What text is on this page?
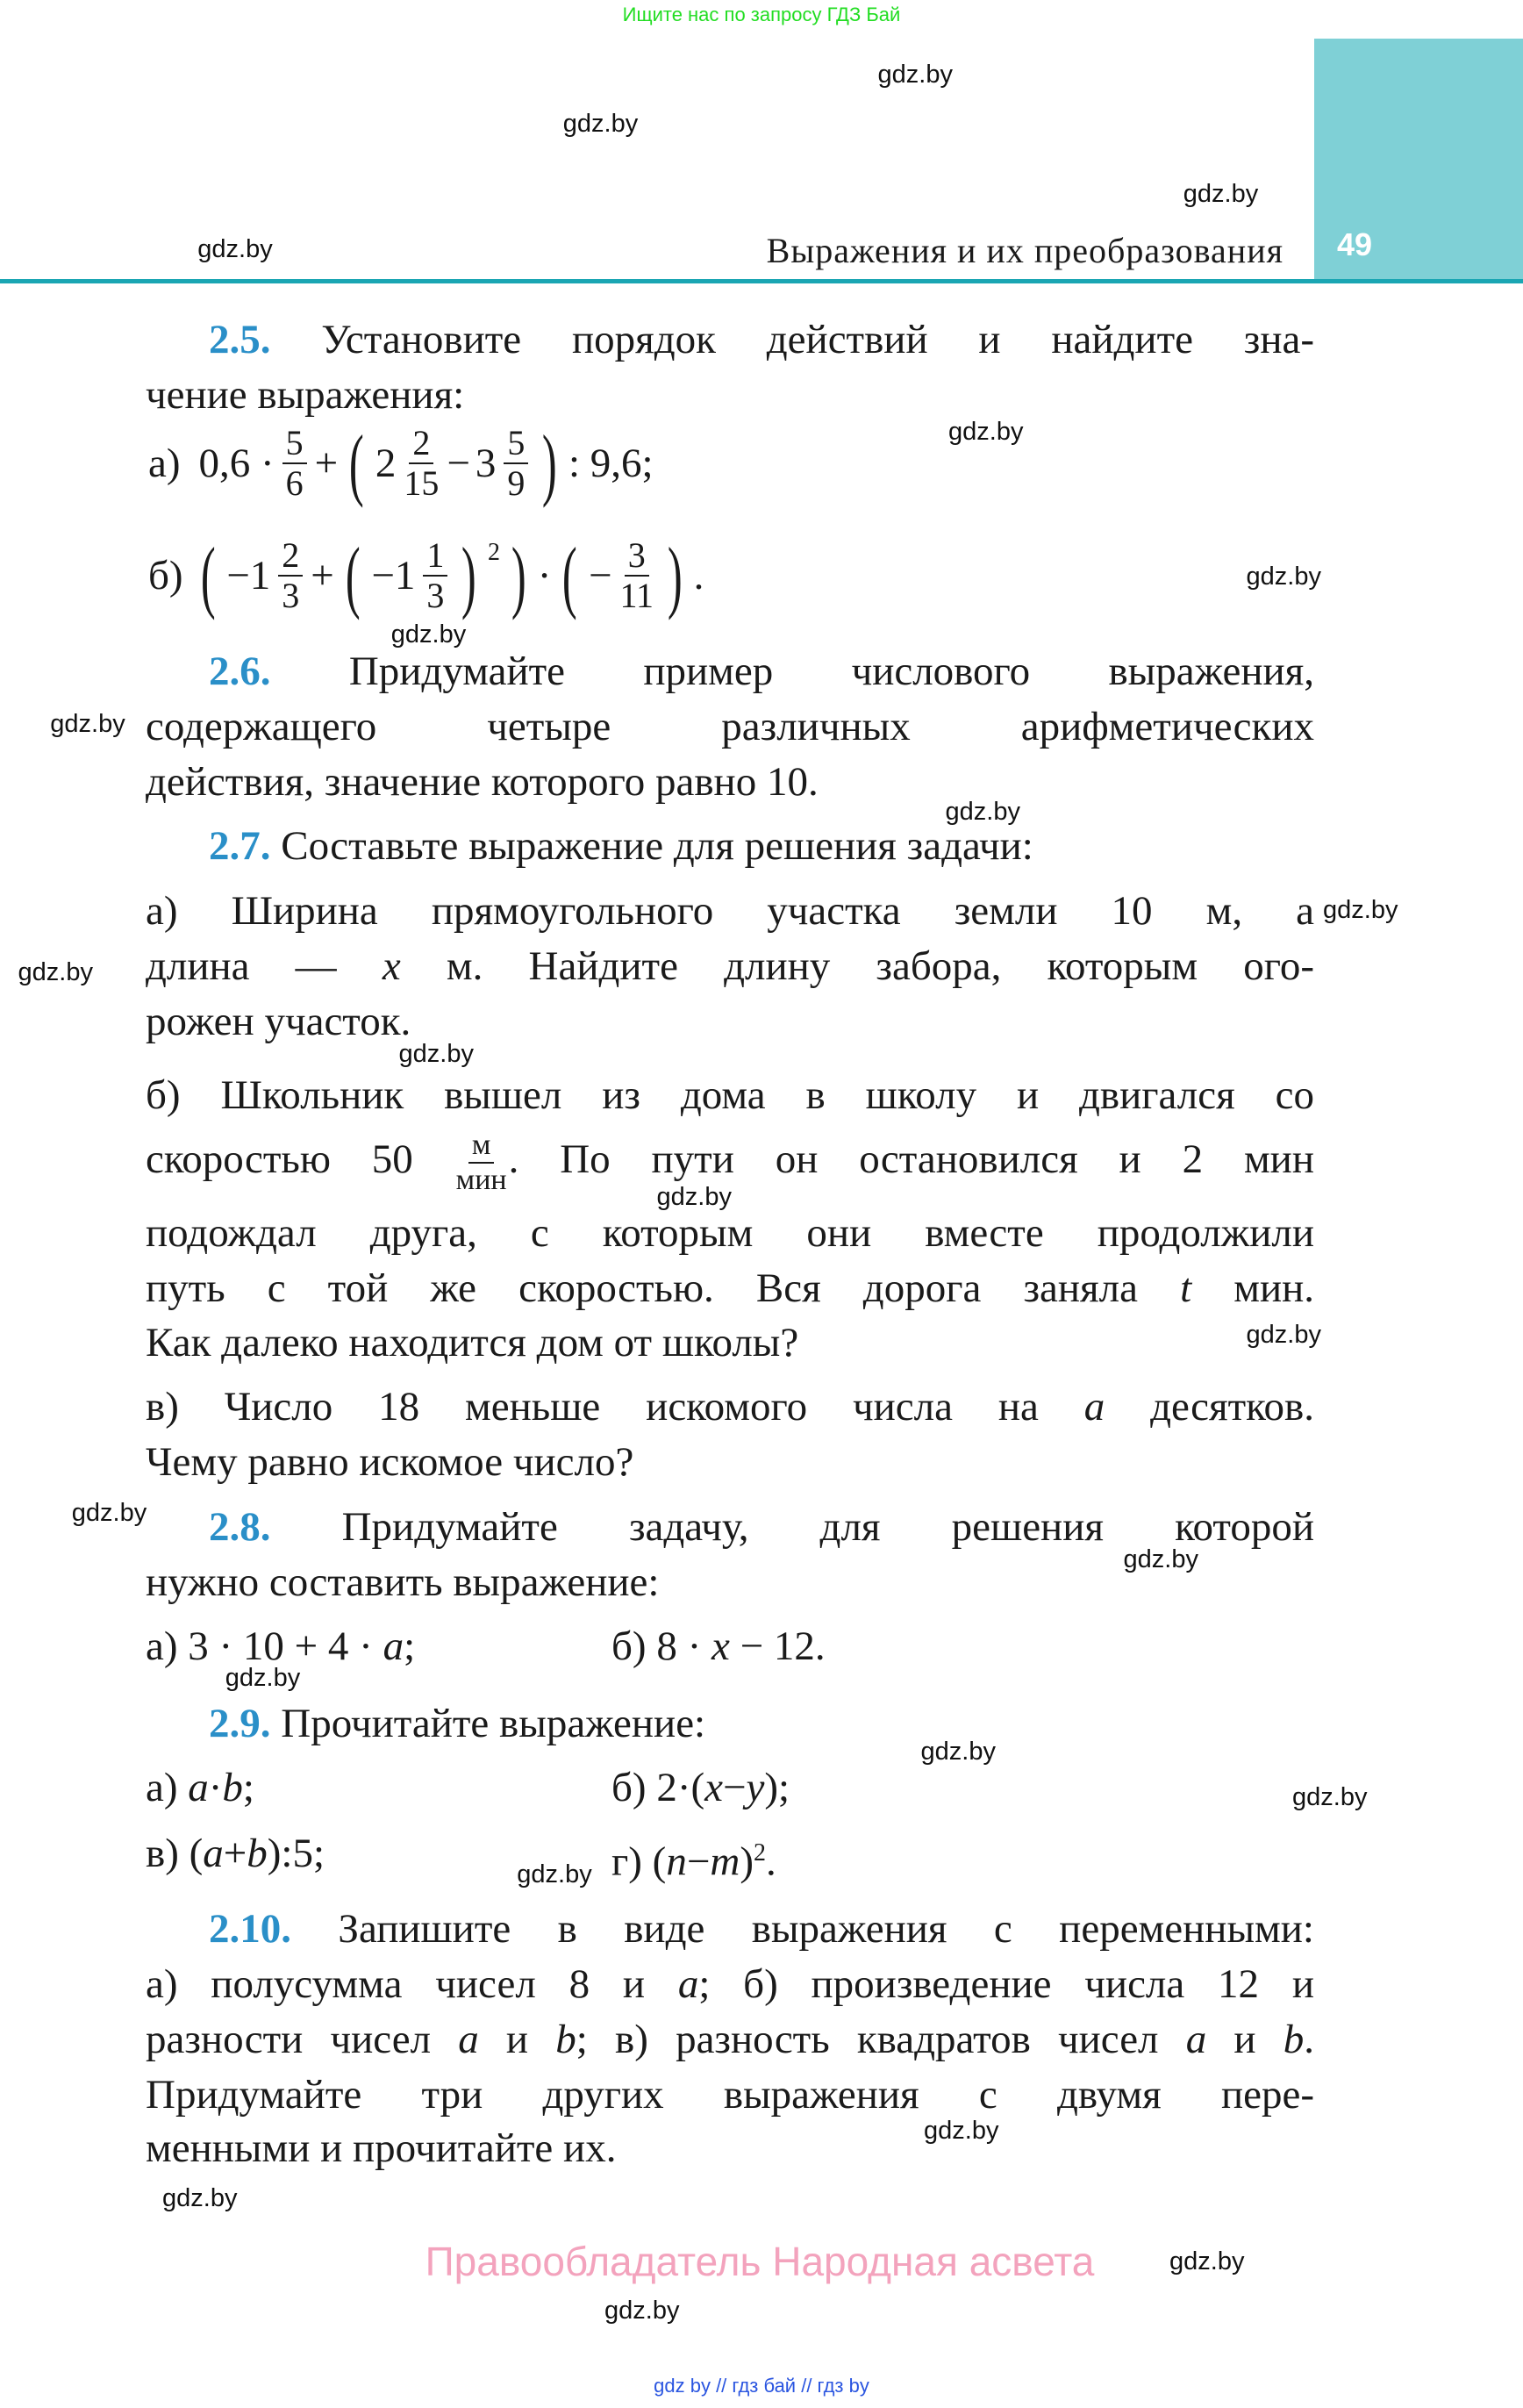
Ищите нас по запросу ГДЗ Бай
49
Выражения и их преобразования
2.5. Установите порядок действий и найдите зна-
чение выражения:
а) $0,6 \cdot \frac{5}{6}$ + ( $2 \frac{2}{15} - 3 \frac{5}{9}$ ) : 9,6;
б) ( $-1 \frac{2}{3}$ + ( $-1 \frac{1}{3}$ ) 2 ) · ( − $\frac{3}{11}$ ) .
2.6. Придумайте пример числового выражения,
содержащего четыре различных арифметических
действия, значение которого равно 10.
2.7. Составьте выражение для решения задачи:
а) Ширина прямоугольного участка земли 10 м, а
длина — x м. Найдите длину забора, которым ого-
рожен участок.
б) Школьник вышел из дома в школу и двигался со
скоростью $50 \frac{м}{\text{мин}}$ . По пути он остановился и 2 мин
подождал друга, с которым они вместе продолжили
путь с той же скоростью. Вся дорога заняла t мин.
Как далеко находится дом от школы?
в) Число 18 меньше искомого числа на a десятков.
Чему равно искомое число?
2.8. Придумайте задачу, для решения которой
нужно составить выражение:
а) 3 · 10 + 4 · a;	б) 8 · x − 12.
2.9. Прочитайте выражение:
а) a·b;	б) 2·(x−y);
в) (a+b):5;	г) $(n-m)^2$.
2.10. Запишите в виде выражения с переменными:
а) полусумма чисел 8 и a; б) произведение числа 12 и
разности чисел a и b; в) разность квадратов чисел a и b.
Придумайте три других выражения с двумя пере-
менными и прочитайте их.
Правообладатель Народная асвета
gdz by // гдз бай // гдз by
gdz.by
gdz.by
gdz.by
gdz.by
gdz.by
gdz.by
gdz.by
gdz.by
gdz.by
gdz.by
gdz.by
gdz.by
gdz.by
gdz.by
gdz.by
gdz.by
gdz.by
gdz.by
gdz.by
gdz.by
gdz.by
gdz.by
gdz.by
gdz.by
